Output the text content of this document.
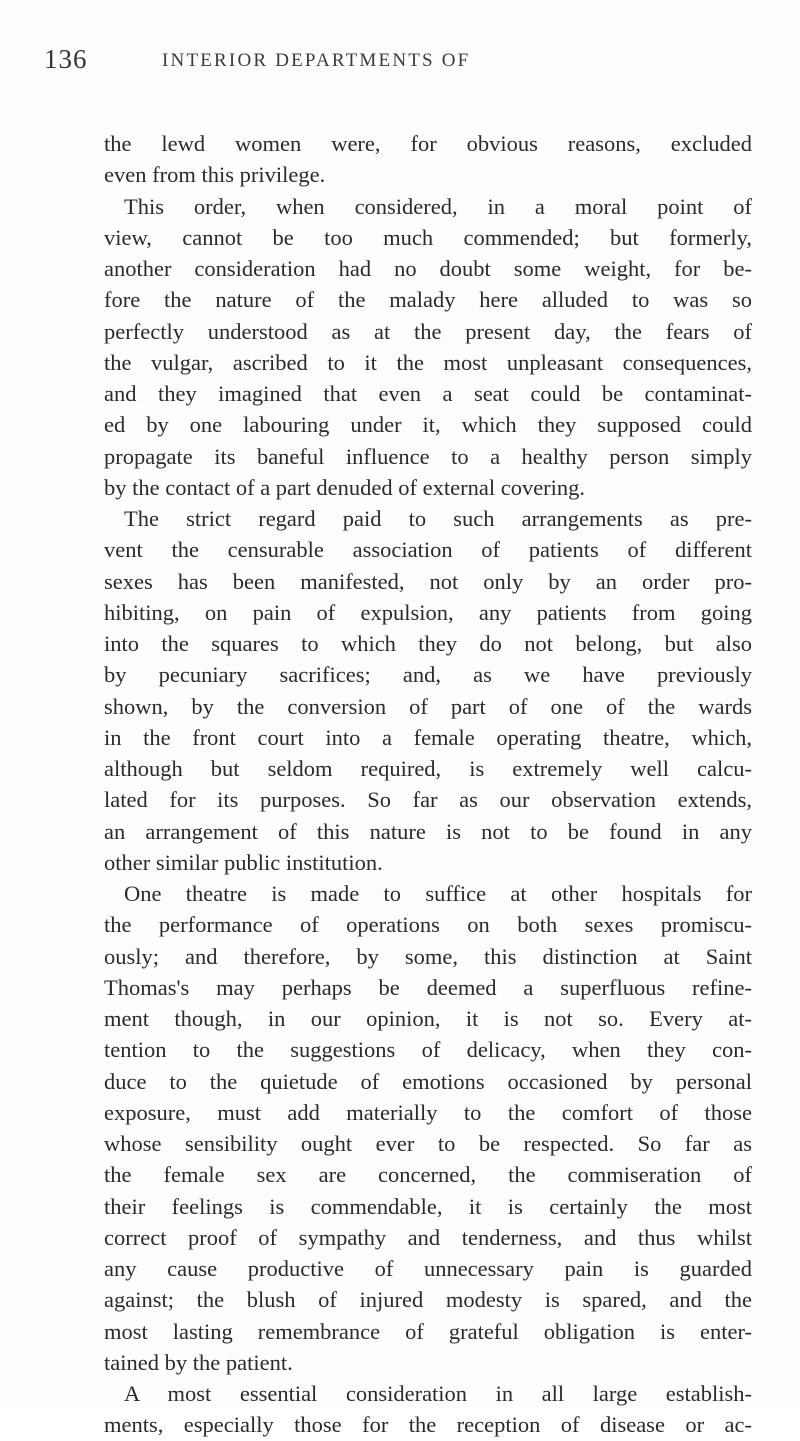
136	INTERIOR DEPARTMENTS OF
the lewd women were, for obvious reasons, excluded
even from this privilege.
This order, when considered, in a moral point of
view, cannot be too much commended; but formerly,
another consideration had no doubt some weight, for be-
fore the nature of the malady here alluded to was so
perfectly understood as at the present day, the fears of
the vulgar, ascribed to it the most unpleasant consequences,
and they imagined that even a seat could be contaminat-
ed by one labouring under it, which they supposed could
propagate its baneful influence to a healthy person simply
by the contact of a part denuded of external covering.
The strict regard paid to such arrangements as pre-
vent the censurable association of patients of different
sexes has been manifested, not only by an order pro-
hibiting, on pain of expulsion, any patients from going
into the squares to which they do not belong, but also
by pecuniary sacrifices; and, as we have previously
shown, by the conversion of part of one of the wards
in the front court into a female operating theatre, which,
although but seldom required, is extremely well calcu-
lated for its purposes. So far as our observation extends,
an arrangement of this nature is not to be found in any
other similar public institution.
One theatre is made to suffice at other hospitals for
the performance of operations on both sexes promiscu-
ously; and therefore, by some, this distinction at Saint
Thomas's may perhaps be deemed a superfluous refine-
ment though, in our opinion, it is not so. Every at-
tention to the suggestions of delicacy, when they con-
duce to the quietude of emotions occasioned by personal
exposure, must add materially to the comfort of those
whose sensibility ought ever to be respected. So far as
the female sex are concerned, the commiseration of
their feelings is commendable, it is certainly the most
correct proof of sympathy and tenderness, and thus whilst
any cause productive of unnecessary pain is guarded
against; the blush of injured modesty is spared, and the
most lasting remembrance of grateful obligation is enter-
tained by the patient.
A most essential consideration in all large establish-
ments, especially those for the reception of disease or ac-
